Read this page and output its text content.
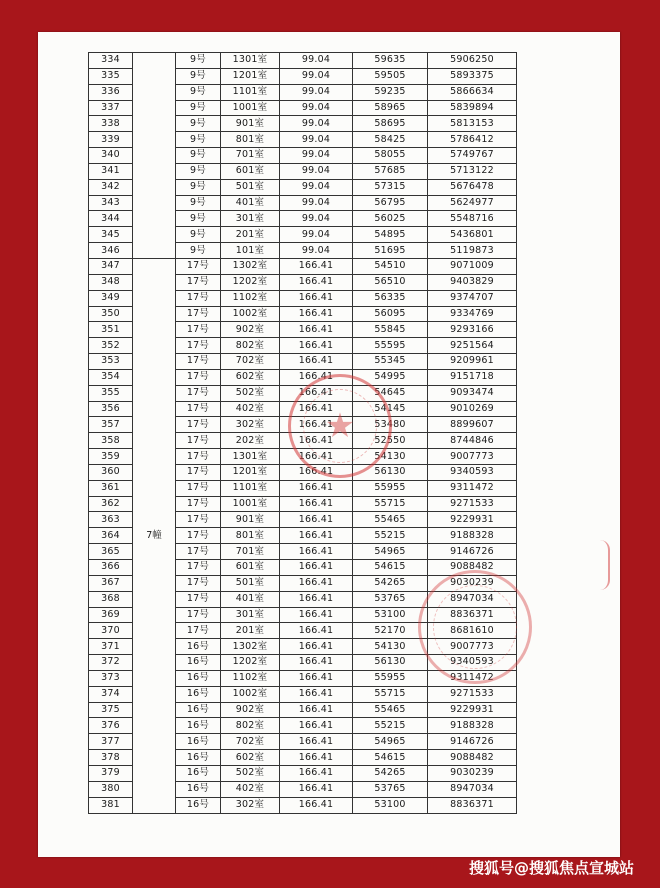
334		9号	1301室	99.04	59635	5906250
335		9号	1201室	99.04	59505	5893375
336		9号	1101室	99.04	59235	5866634
337		9号	1001室	99.04	58965	5839894
338		9号	901室	99.04	58695	5813153
339		9号	801室	99.04	58425	5786412
340		9号	701室	99.04	58055	5749767
341		9号	601室	99.04	57685	5713122
342		9号	501室	99.04	57315	5676478
343		9号	401室	99.04	56795	5624977
344		9号	301室	99.04	56025	5548716
345		9号	201室	99.04	54895	5436801
346		9号	101室	99.04	51695	5119873
347	7幢	17号	1302室	166.41	54510	9071009
348		17号	1202室	166.41	56510	9403829
349		17号	1102室	166.41	56335	9374707
350		17号	1002室	166.41	56095	9334769
351		17号	902室	166.41	55845	9293166
352		17号	802室	166.41	55595	9251564
353		17号	702室	166.41	55345	9209961
354		17号	602室	166.41	54995	9151718
355		17号	502室	166.41	54645	9093474
356		17号	402室	166.41	54145	9010269
357		17号	302室	166.41	53480	8899607
358		17号	202室	166.41	52550	8744846
359		17号	1301室	166.41	54130	9007773
360		17号	1201室	166.41	56130	9340593
361		17号	1101室	166.41	55955	9311472
362		17号	1001室	166.41	55715	9271533
363		17号	901室	166.41	55465	9229931
364		17号	801室	166.41	55215	9188328
365		17号	701室	166.41	54965	9146726
366		17号	601室	166.41	54615	9088482
367		17号	501室	166.41	54265	9030239
368		17号	401室	166.41	53765	8947034
369		17号	301室	166.41	53100	8836371
370		17号	201室	166.41	52170	8681610
371		16号	1302室	166.41	54130	9007773
372		16号	1202室	166.41	56130	9340593
373		16号	1102室	166.41	55955	9311472
374		16号	1002室	166.41	55715	9271533
375		16号	902室	166.41	55465	9229931
376		16号	802室	166.41	55215	9188328
377		16号	702室	166.41	54965	9146726
378		16号	602室	166.41	54615	9088482
379		16号	502室	166.41	54265	9030239
380		16号	402室	166.41	53765	8947034
381		16号	302室	166.41	53100	8836371
★
搜狐号@搜狐焦点宣城站
